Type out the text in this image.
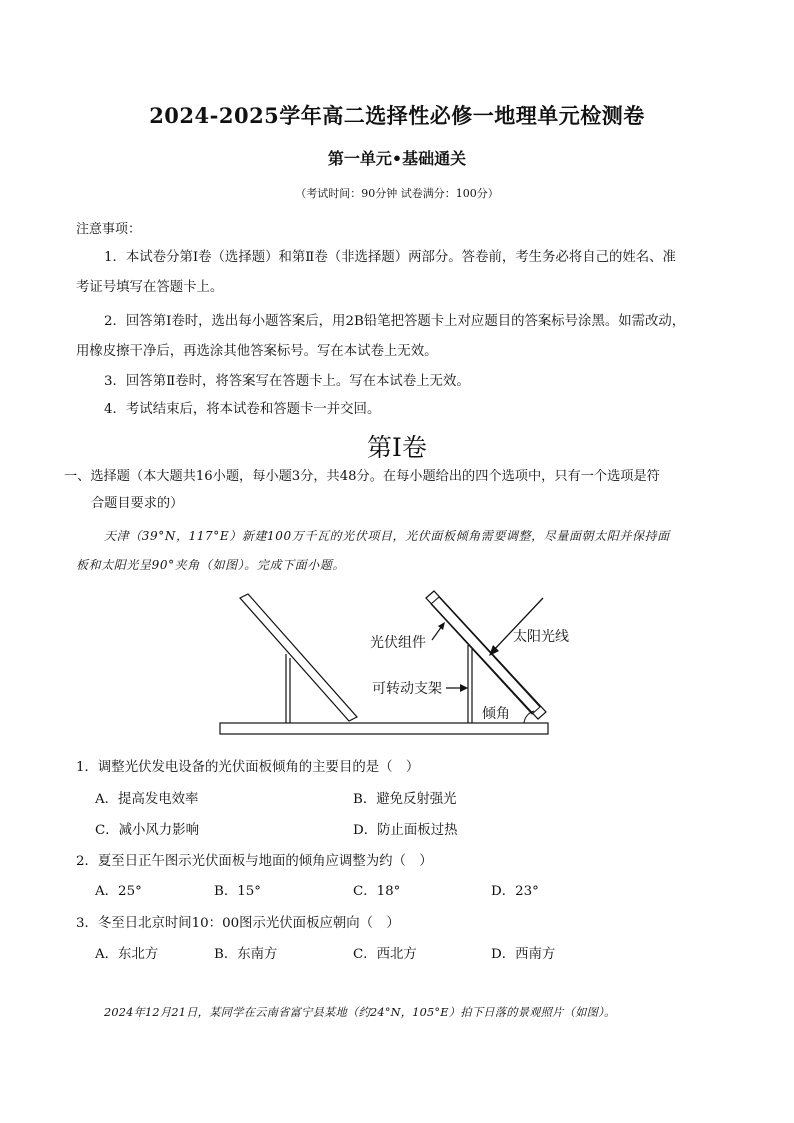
2024-2025学年高二选择性必修一地理单元检测卷
第一单元•基础通关
（考试时间：90分钟 试卷满分：100分）
注意事项：
1．本试卷分第Ⅰ卷（选择题）和第Ⅱ卷（非选择题）两部分。答卷前，考生务必将自己的姓名、准
考证号填写在答题卡上。
2．回答第Ⅰ卷时，选出每小题答案后，用2B铅笔把答题卡上对应题目的答案标号涂黑。如需改动，
用橡皮擦干净后，再选涂其他答案标号。写在本试卷上无效。
3．回答第Ⅱ卷时，将答案写在答题卡上。写在本试卷上无效。
4．考试结束后，将本试卷和答题卡一并交回。
第Ⅰ卷
一、选择题（本大题共16小题，每小题3分，共48分。在每小题给出的四个选项中，只有一个选项是符
合题目要求的）
天津（39°N，117°E）新建100万千瓦的光伏项目，光伏面板倾角需要调整，尽量面朝太阳并保持面
板和太阳光呈90°夹角（如图）。完成下面小题。
光伏组件	太阳光线
可转动支架
倾角
1．调整光伏发电设备的光伏面板倾角的主要目的是（　）
A．提高发电效率	B．避免反射强光
C．减小风力影响	D．防止面板过热
2．夏至日正午图示光伏面板与地面的倾角应调整为约（　）
A．25°	B．15°	C．18°	D．23°
3．冬至日北京时间10：00图示光伏面板应朝向（　）
A．东北方	B．东南方	C．西北方	D．西南方
2024年12月21日，某同学在云南省富宁县某地（约24°N，105°E）拍下日落的景观照片（如图）。
